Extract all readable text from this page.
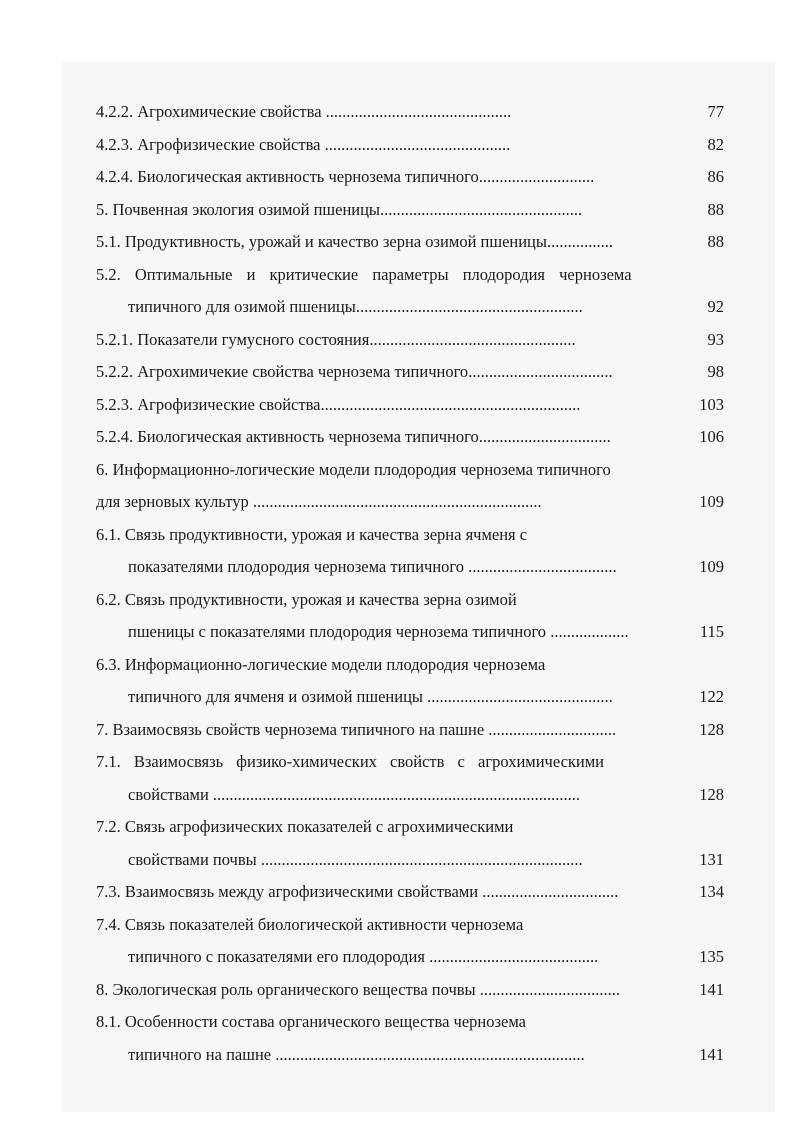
4.2.2. Агрохимические свойства .............................................	77
4.2.3. Агрофизические свойства .............................................	82
4.2.4. Биологическая активность чернозема типичного............................	86
5. Почвенная экология озимой пшеницы.................................................	88
5.1. Продуктивность, урожай и качество зерна озимой пшеницы................	88
5.2. Оптимальные и критические параметры плодородия чернозема
типичного для озимой пшеницы.......................................................	92
5.2.1. Показатели гумусного состояния..................................................	93
5.2.2. Агрохимичекие свойства чернозема типичного...................................	98
5.2.3. Агрофизические свойства...............................................................	103
5.2.4. Биологическая активность чернозема типичного................................	106
6. Информационно-логические модели плодородия чернозема типичного
для зерновых культур ......................................................................	109
6.1. Связь продуктивности, урожая и качества зерна ячменя с
показателями плодородия чернозема типичного ....................................	109
6.2. Связь продуктивности, урожая и качества зерна озимой
пшеницы с показателями плодородия чернозема типичного ...................	115
6.3. Информационно-логические модели плодородия чернозема
типичного для ячменя и озимой пшеницы .............................................	122
7. Взаимосвязь свойств чернозема типичного на пашне ...............................	128
7.1. Взаимосвязь физико-химических свойств с агрохимическими
свойствами .........................................................................................	128
7.2. Связь агрофизических показателей с агрохимическими
свойствами почвы ..............................................................................	131
7.3. Взаимосвязь между агрофизическими свойствами .................................	134
7.4. Связь показателей биологической активности чернозема
типичного с показателями его плодородия .........................................	135
8. Экологическая роль органического вещества почвы ..................................	141
8.1. Особенности состава органического вещества чернозема
типичного на пашне ...........................................................................	141
